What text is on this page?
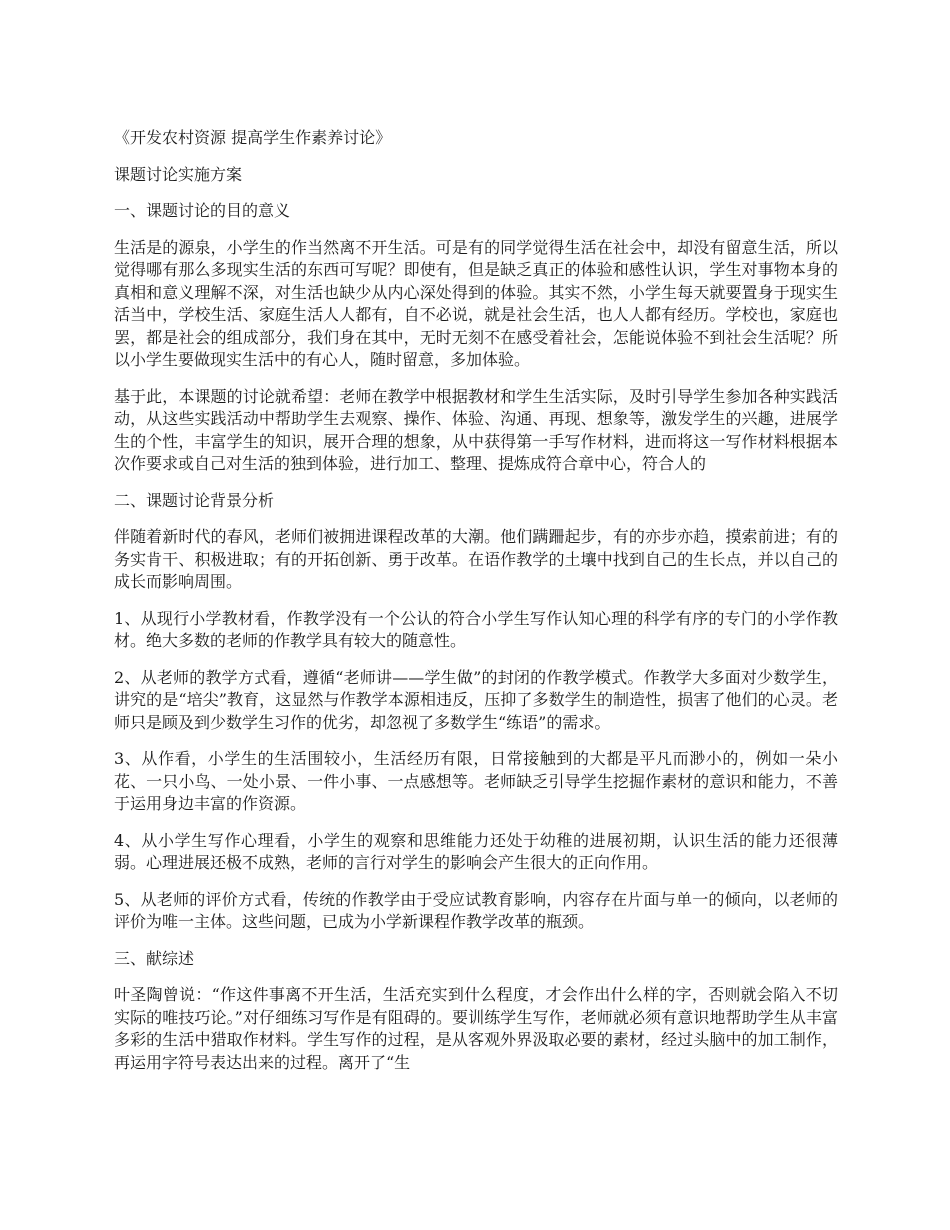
《开发农村资源 提高学生作素养讨论》

课题讨论实施方案

一、课题讨论的目的意义

生活是的源泉，小学生的作当然离不开生活。可是有的同学觉得生活在社会中，却没有留意生活，所以觉得哪有那么多现实生活的东西可写呢？即使有，但是缺乏真正的体验和感性认识，学生对事物本身的真相和意义理解不深，对生活也缺少从内心深处得到的体验。其实不然，小学生每天就要置身于现实生活当中，学校生活、家庭生活人人都有，自不必说，就是社会生活，也人人都有经历。学校也，家庭也罢，都是社会的组成部分，我们身在其中，无时无刻不在感受着社会，怎能说体验不到社会生活呢？所以小学生要做现实生活中的有心人，随时留意，多加体验。

基于此，本课题的讨论就希望：老师在教学中根据教材和学生生活实际，及时引导学生参加各种实践活动，从这些实践活动中帮助学生去观察、操作、体验、沟通、再现、想象等，激发学生的兴趣，进展学生的个性，丰富学生的知识，展开合理的想象，从中获得第一手写作材料，进而将这一写作材料根据本次作要求或自己对生活的独到体验，进行加工、整理、提炼成符合章中心，符合人的

二、课题讨论背景分析

伴随着新时代的春风，老师们被拥进课程改革的大潮。他们蹒跚起步，有的亦步亦趋，摸索前进；有的务实肯干、积极进取；有的开拓创新、勇于改革。在语作教学的土壤中找到自己的生长点，并以自己的成长而影响周围。

1、从现行小学教材看，作教学没有一个公认的符合小学生写作认知心理的科学有序的专门的小学作教材。绝大多数的老师的作教学具有较大的随意性。

2、从老师的教学方式看，遵循“老师讲——学生做”的封闭的作教学模式。作教学大多面对少数学生，讲究的是“培尖”教育，这显然与作教学本源相违反，压抑了多数学生的制造性，损害了他们的心灵。老师只是顾及到少数学生习作的优劣，却忽视了多数学生“练语”的需求。

3、从作看，小学生的生活围较小，生活经历有限，日常接触到的大都是平凡而渺小的，例如一朵小花、一只小鸟、一处小景、一件小事、一点感想等。老师缺乏引导学生挖掘作素材的意识和能力，不善于运用身边丰富的作资源。

4、从小学生写作心理看，小学生的观察和思维能力还处于幼稚的进展初期，认识生活的能力还很薄弱。心理进展还极不成熟，老师的言行对学生的影响会产生很大的正向作用。

5、从老师的评价方式看，传统的作教学由于受应试教育影响，内容存在片面与单一的倾向，以老师的评价为唯一主体。这些问题，已成为小学新课程作教学改革的瓶颈。

三、献综述

叶圣陶曾说：“作这件事离不开生活，生活充实到什么程度，才会作出什么样的字，否则就会陷入不切实际的唯技巧论。”对仔细练习写作是有阻碍的。要训练学生写作，老师就必须有意识地帮助学生从丰富多彩的生活中猎取作材料。学生写作的过程，是从客观外界汲取必要的素材，经过头脑中的加工制作，再运用字符号表达出来的过程。离开了“生
